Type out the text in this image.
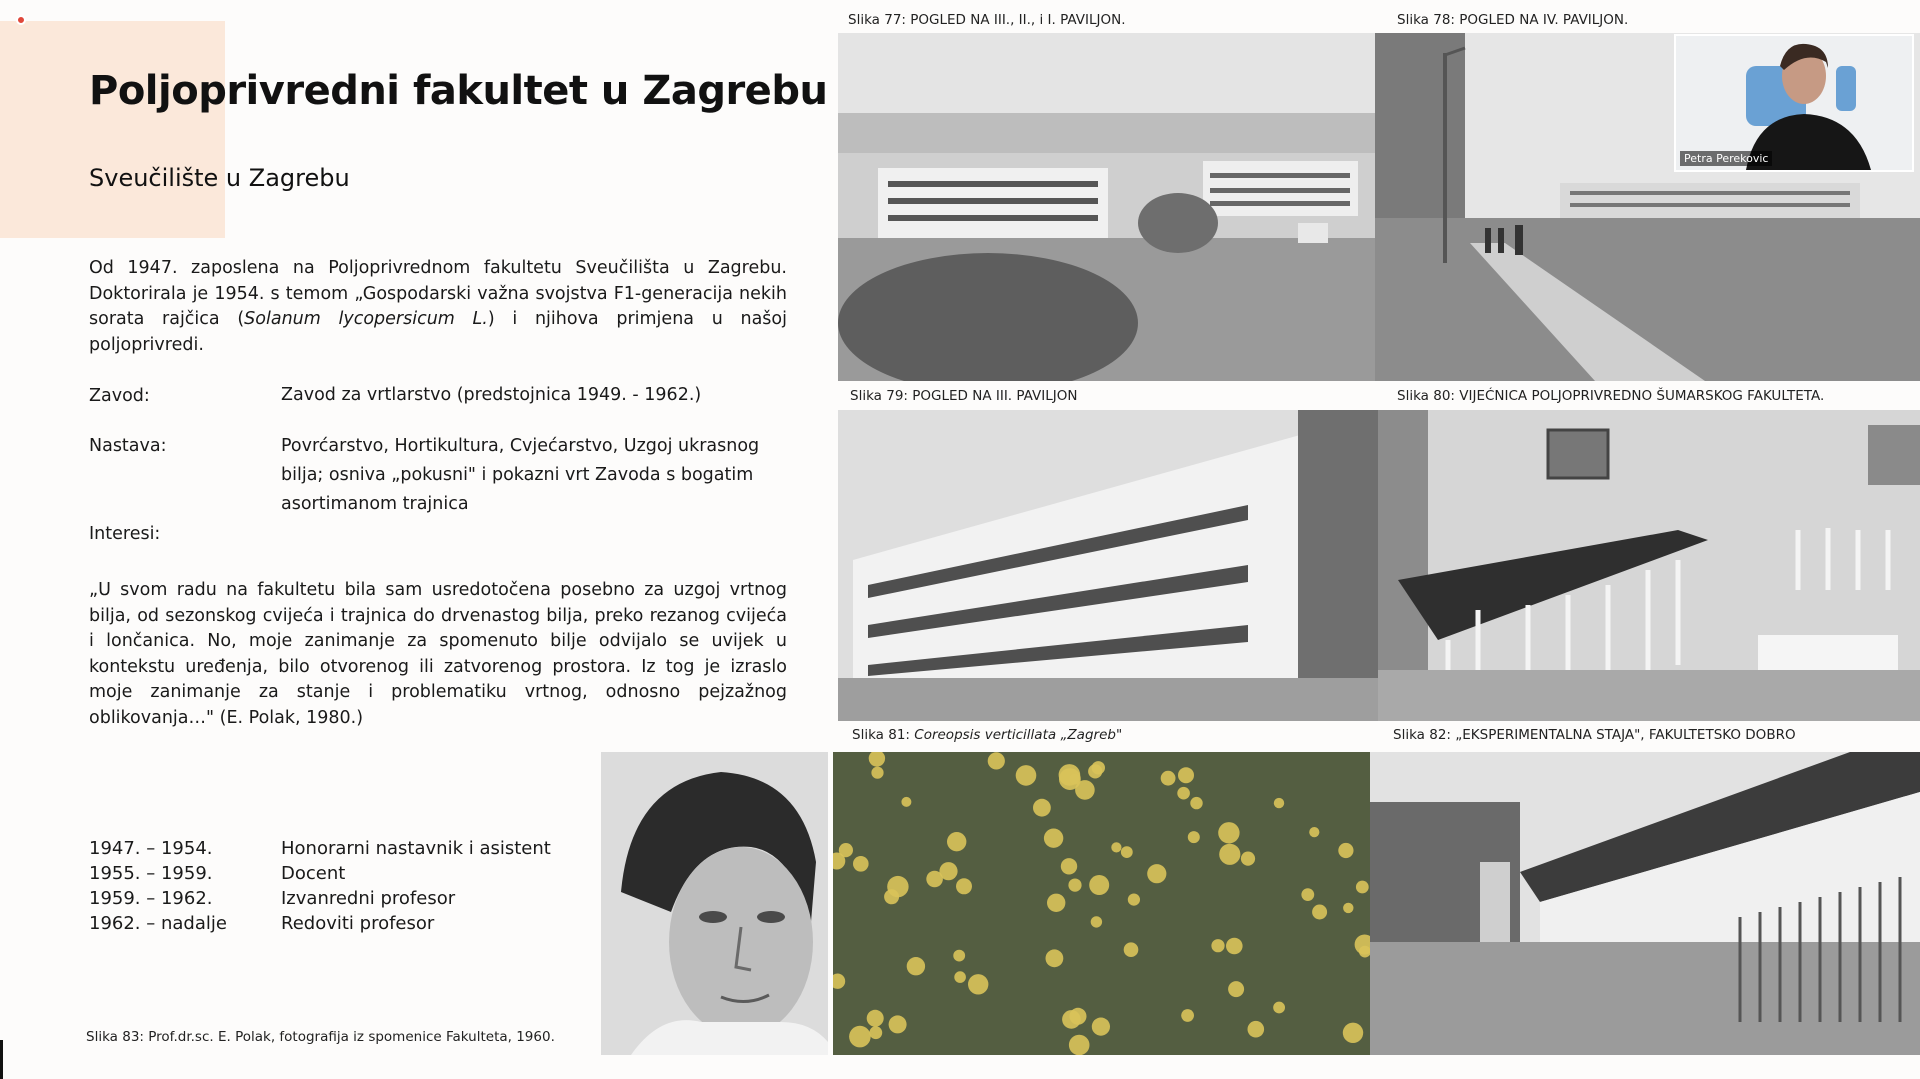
Poljoprivredni fakultet u Zagrebu
Sveučilište u Zagrebu
Od 1947. zaposlena na Poljoprivrednom fakultetu Sveučilišta u Zagrebu. Doktorirala je 1954. s temom „Gospodarski važna svojstva F1-generacija nekih sorata rajčica (Solanum lycopersicum L.) i njihova primjena u našoj poljoprivredi.
Zavod:	Zavod za vrtlarstvo (predstojnica 1949. - 1962.)
Nastava:	Povrćarstvo, Hortikultura, Cvjećarstvo, Uzgoj ukrasnog bilja; osniva „pokusni" i pokazni vrt Zavoda s bogatim asortimanom trajnica
Interesi:
„U svom radu na fakultetu bila sam usredotočena posebno za uzgoj vrtnog bilja, od sezonskog cvijeća i trajnica do drvenastog bilja, preko rezanog cvijeća i lončanica. No, moje zanimanje za spomenuto bilje odvijalo se uvijek u kontekstu uređenja, bilo otvorenog ili zatvorenog prostora. Iz tog je izraslo moje zanimanje za stanje i problematiku vrtnog, odnosno pejzažnog oblikovanja…" (E. Polak, 1980.)
1947. – 1954.	Honorarni nastavnik i asistent
1955. – 1959.	Docent
1959. – 1962.	Izvanredni profesor
1962. – nadalje	Redoviti profesor
Slika 83: Prof.dr.sc. E. Polak, fotografija iz spomenice Fakulteta, 1960.
Slika 77: POGLED NA III., II., i I. PAVILJON.	Slika 78: POGLED NA IV. PAVILJON.
Petra Perekovic
Slika 79: POGLED NA III. PAVILJON	Slika 80: VIJEĆNICA POLJOPRIVREDNO ŠUMARSKOG FAKULTETA.
Slika 81: Coreopsis verticillata „Zagreb"	Slika 82: „EKSPERIMENTALNA STAJA", FAKULTETSKO DOBRO
